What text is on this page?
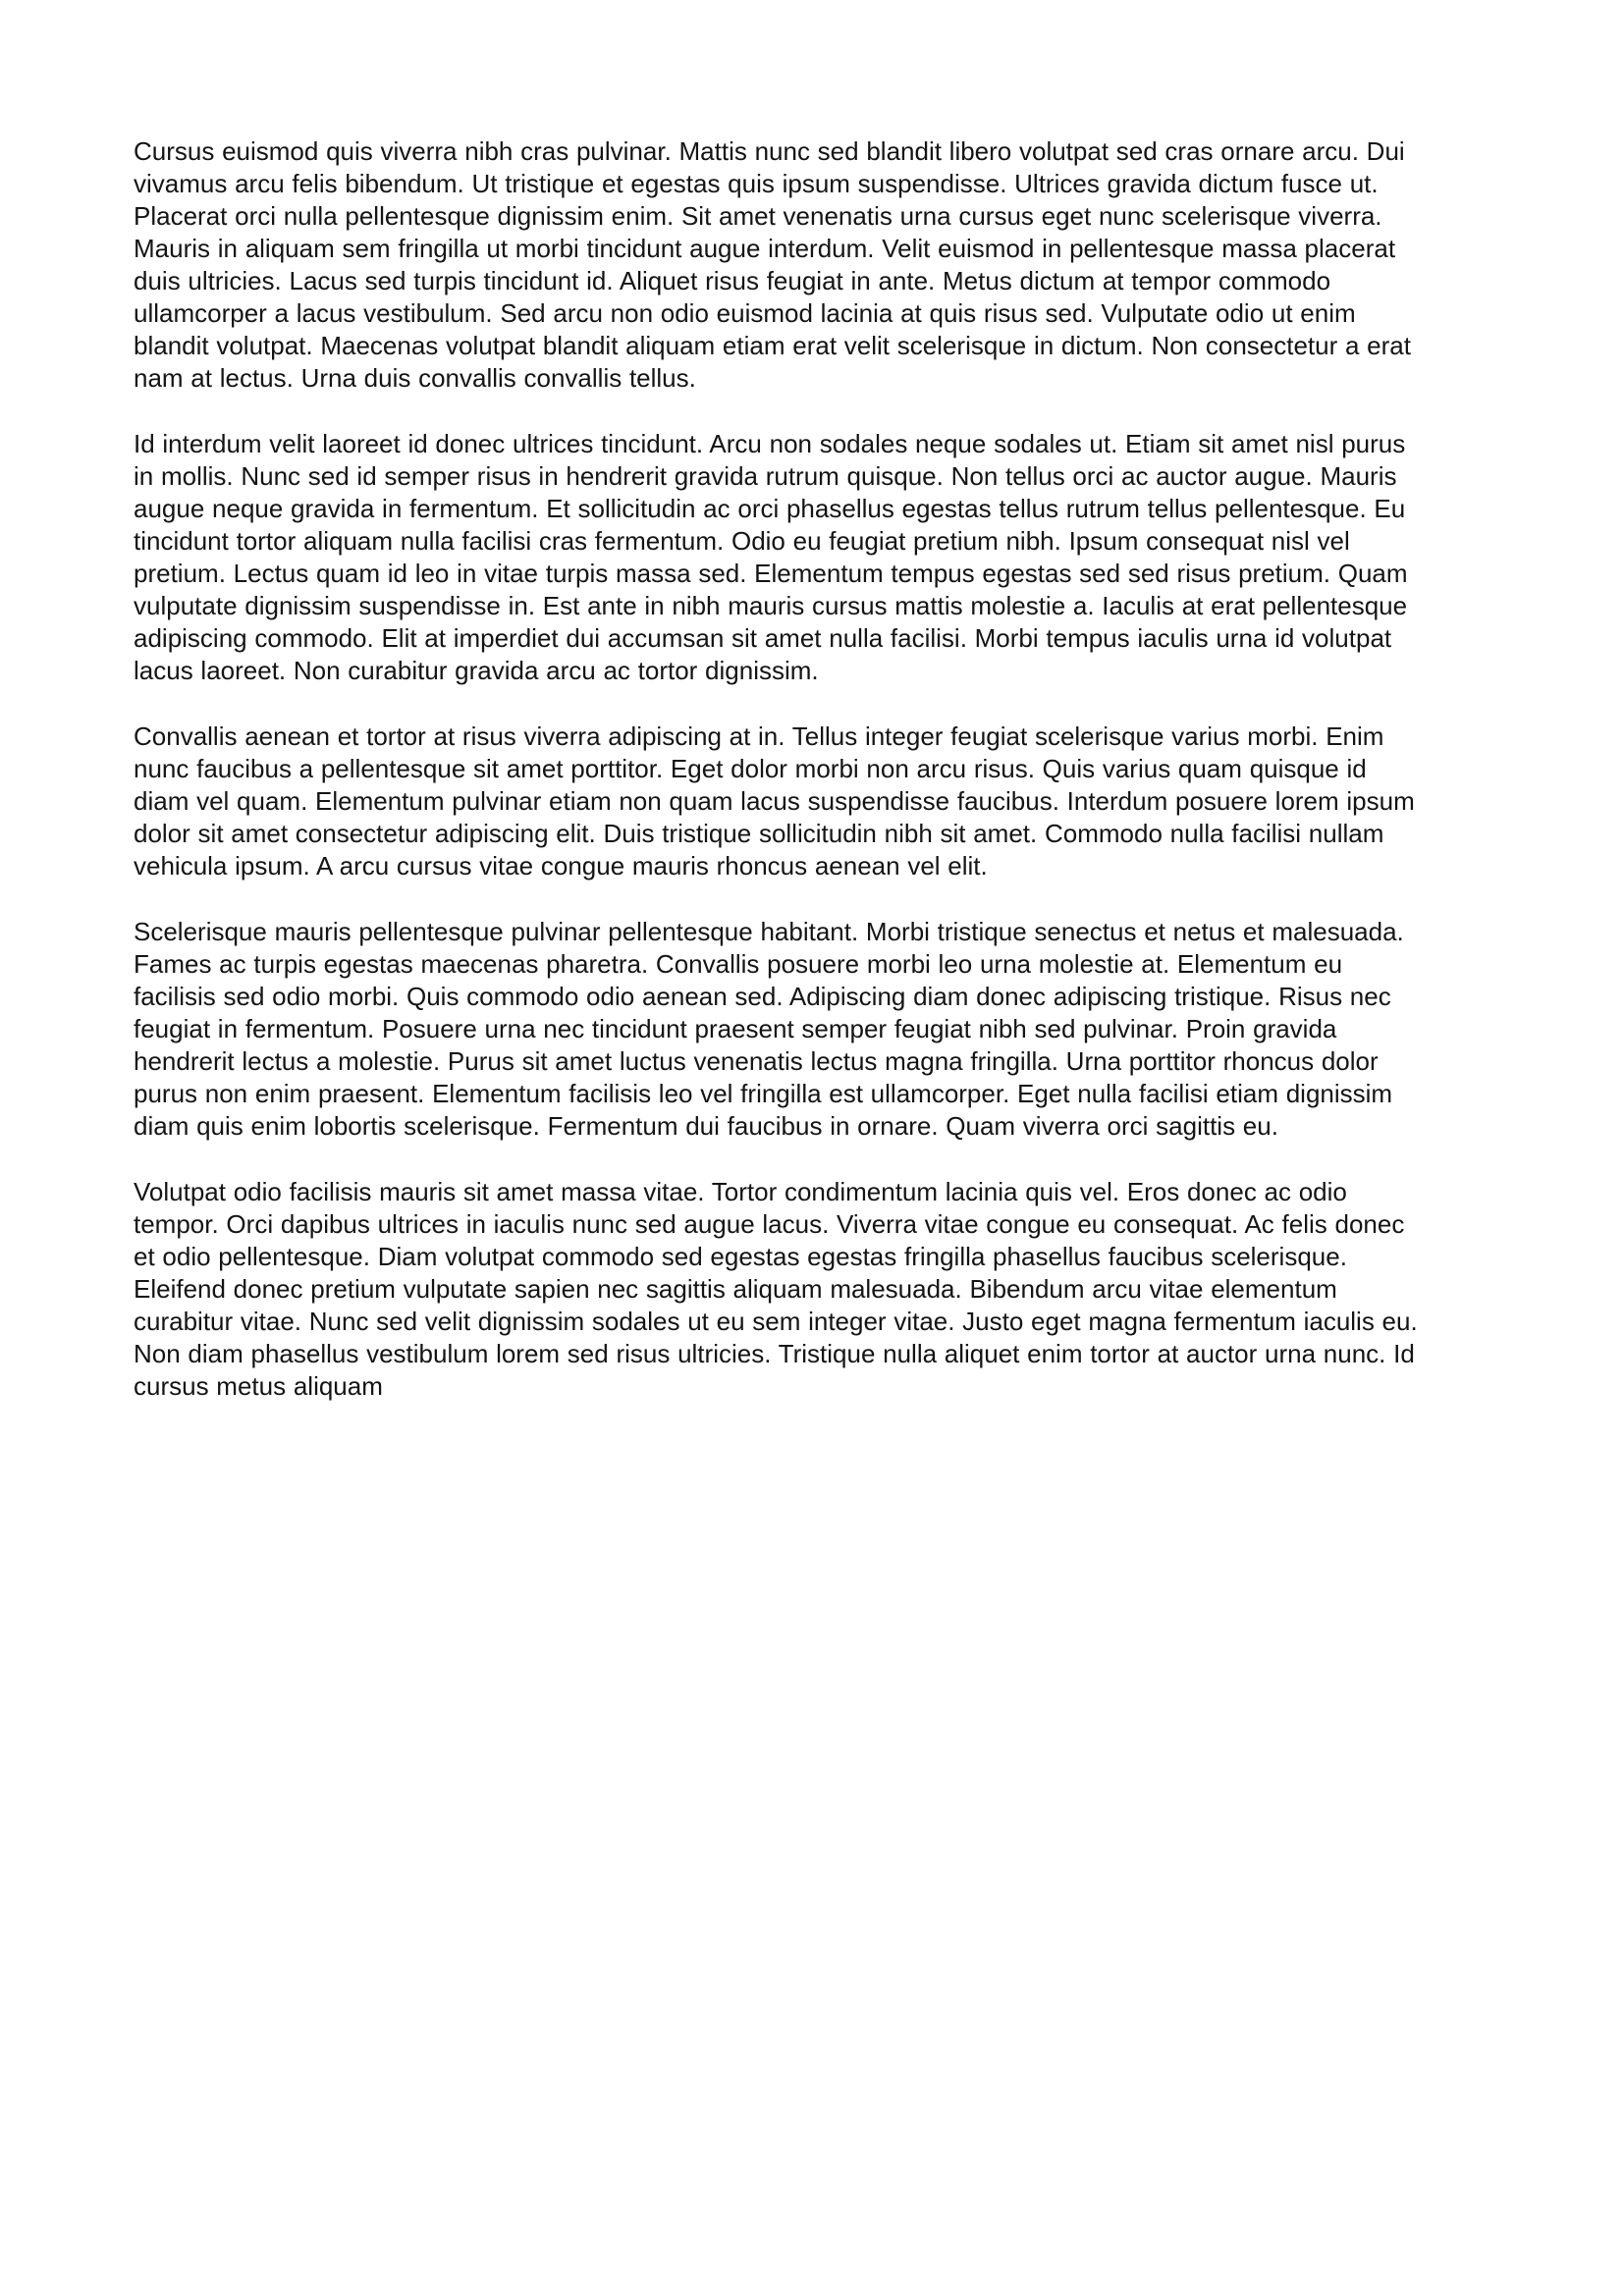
Cursus euismod quis viverra nibh cras pulvinar. Mattis nunc sed blandit libero volutpat sed cras ornare arcu. Dui vivamus arcu felis bibendum. Ut tristique et egestas quis ipsum suspendisse. Ultrices gravida dictum fusce ut. Placerat orci nulla pellentesque dignissim enim. Sit amet venenatis urna cursus eget nunc scelerisque viverra. Mauris in aliquam sem fringilla ut morbi tincidunt augue interdum. Velit euismod in pellentesque massa placerat duis ultricies. Lacus sed turpis tincidunt id. Aliquet risus feugiat in ante. Metus dictum at tempor commodo ullamcorper a lacus vestibulum. Sed arcu non odio euismod lacinia at quis risus sed. Vulputate odio ut enim blandit volutpat. Maecenas volutpat blandit aliquam etiam erat velit scelerisque in dictum. Non consectetur a erat nam at lectus. Urna duis convallis convallis tellus.

Id interdum velit laoreet id donec ultrices tincidunt. Arcu non sodales neque sodales ut. Etiam sit amet nisl purus in mollis. Nunc sed id semper risus in hendrerit gravida rutrum quisque. Non tellus orci ac auctor augue. Mauris augue neque gravida in fermentum. Et sollicitudin ac orci phasellus egestas tellus rutrum tellus pellentesque. Eu tincidunt tortor aliquam nulla facilisi cras fermentum. Odio eu feugiat pretium nibh. Ipsum consequat nisl vel pretium. Lectus quam id leo in vitae turpis massa sed. Elementum tempus egestas sed sed risus pretium. Quam vulputate dignissim suspendisse in. Est ante in nibh mauris cursus mattis molestie a. Iaculis at erat pellentesque adipiscing commodo. Elit at imperdiet dui accumsan sit amet nulla facilisi. Morbi tempus iaculis urna id volutpat lacus laoreet. Non curabitur gravida arcu ac tortor dignissim.

Convallis aenean et tortor at risus viverra adipiscing at in. Tellus integer feugiat scelerisque varius morbi. Enim nunc faucibus a pellentesque sit amet porttitor. Eget dolor morbi non arcu risus. Quis varius quam quisque id diam vel quam. Elementum pulvinar etiam non quam lacus suspendisse faucibus. Interdum posuere lorem ipsum dolor sit amet consectetur adipiscing elit. Duis tristique sollicitudin nibh sit amet. Commodo nulla facilisi nullam vehicula ipsum. A arcu cursus vitae congue mauris rhoncus aenean vel elit.

Scelerisque mauris pellentesque pulvinar pellentesque habitant. Morbi tristique senectus et netus et malesuada. Fames ac turpis egestas maecenas pharetra. Convallis posuere morbi leo urna molestie at. Elementum eu facilisis sed odio morbi. Quis commodo odio aenean sed. Adipiscing diam donec adipiscing tristique. Risus nec feugiat in fermentum. Posuere urna nec tincidunt praesent semper feugiat nibh sed pulvinar. Proin gravida hendrerit lectus a molestie. Purus sit amet luctus venenatis lectus magna fringilla. Urna porttitor rhoncus dolor purus non enim praesent. Elementum facilisis leo vel fringilla est ullamcorper. Eget nulla facilisi etiam dignissim diam quis enim lobortis scelerisque. Fermentum dui faucibus in ornare. Quam viverra orci sagittis eu.

Volutpat odio facilisis mauris sit amet massa vitae. Tortor condimentum lacinia quis vel. Eros donec ac odio tempor. Orci dapibus ultrices in iaculis nunc sed augue lacus. Viverra vitae congue eu consequat. Ac felis donec et odio pellentesque. Diam volutpat commodo sed egestas egestas fringilla phasellus faucibus scelerisque. Eleifend donec pretium vulputate sapien nec sagittis aliquam malesuada. Bibendum arcu vitae elementum curabitur vitae. Nunc sed velit dignissim sodales ut eu sem integer vitae. Justo eget magna fermentum iaculis eu. Non diam phasellus vestibulum lorem sed risus ultricies. Tristique nulla aliquet enim tortor at auctor urna nunc. Id cursus metus aliquam
